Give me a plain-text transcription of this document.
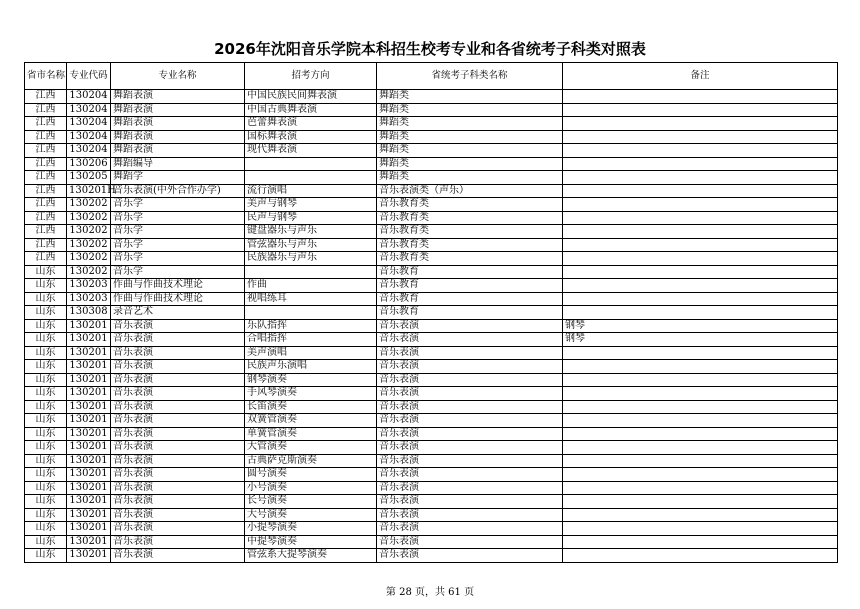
2026年沈阳音乐学院本科招生校考专业和各省统考子科类对照表
省市名称	专业代码	专业名称	招考方向	省统考子科类名称	备注
江西	130204	舞蹈表演	中国民族民间舞表演	舞蹈类	
江西	130204	舞蹈表演	中国古典舞表演	舞蹈类	
江西	130204	舞蹈表演	芭蕾舞表演	舞蹈类	
江西	130204	舞蹈表演	国标舞表演	舞蹈类	
江西	130204	舞蹈表演	现代舞表演	舞蹈类	
江西	130206	舞蹈编导		舞蹈类	
江西	130205	舞蹈学		舞蹈类	
江西	130201H	音乐表演(中外合作办学)	流行演唱	音乐表演类（声乐）	
江西	130202	音乐学	美声与钢琴	音乐教育类	
江西	130202	音乐学	民声与钢琴	音乐教育类	
江西	130202	音乐学	键盘器乐与声乐	音乐教育类	
江西	130202	音乐学	管弦器乐与声乐	音乐教育类	
江西	130202	音乐学	民族器乐与声乐	音乐教育类	
山东	130202	音乐学		音乐教育	
山东	130203	作曲与作曲技术理论	作曲	音乐教育	
山东	130203	作曲与作曲技术理论	视唱练耳	音乐教育	
山东	130308	录音艺术		音乐教育	
山东	130201	音乐表演	乐队指挥	音乐表演	钢琴
山东	130201	音乐表演	合唱指挥	音乐表演	钢琴
山东	130201	音乐表演	美声演唱	音乐表演	
山东	130201	音乐表演	民族声乐演唱	音乐表演	
山东	130201	音乐表演	钢琴演奏	音乐表演	
山东	130201	音乐表演	手风琴演奏	音乐表演	
山东	130201	音乐表演	长笛演奏	音乐表演	
山东	130201	音乐表演	双簧管演奏	音乐表演	
山东	130201	音乐表演	单簧管演奏	音乐表演	
山东	130201	音乐表演	大管演奏	音乐表演	
山东	130201	音乐表演	古典萨克斯演奏	音乐表演	
山东	130201	音乐表演	圆号演奏	音乐表演	
山东	130201	音乐表演	小号演奏	音乐表演	
山东	130201	音乐表演	长号演奏	音乐表演	
山东	130201	音乐表演	大号演奏	音乐表演	
山东	130201	音乐表演	小提琴演奏	音乐表演	
山东	130201	音乐表演	中提琴演奏	音乐表演	
山东	130201	音乐表演	管弦系大提琴演奏	音乐表演	
第 28 页，共 61 页
